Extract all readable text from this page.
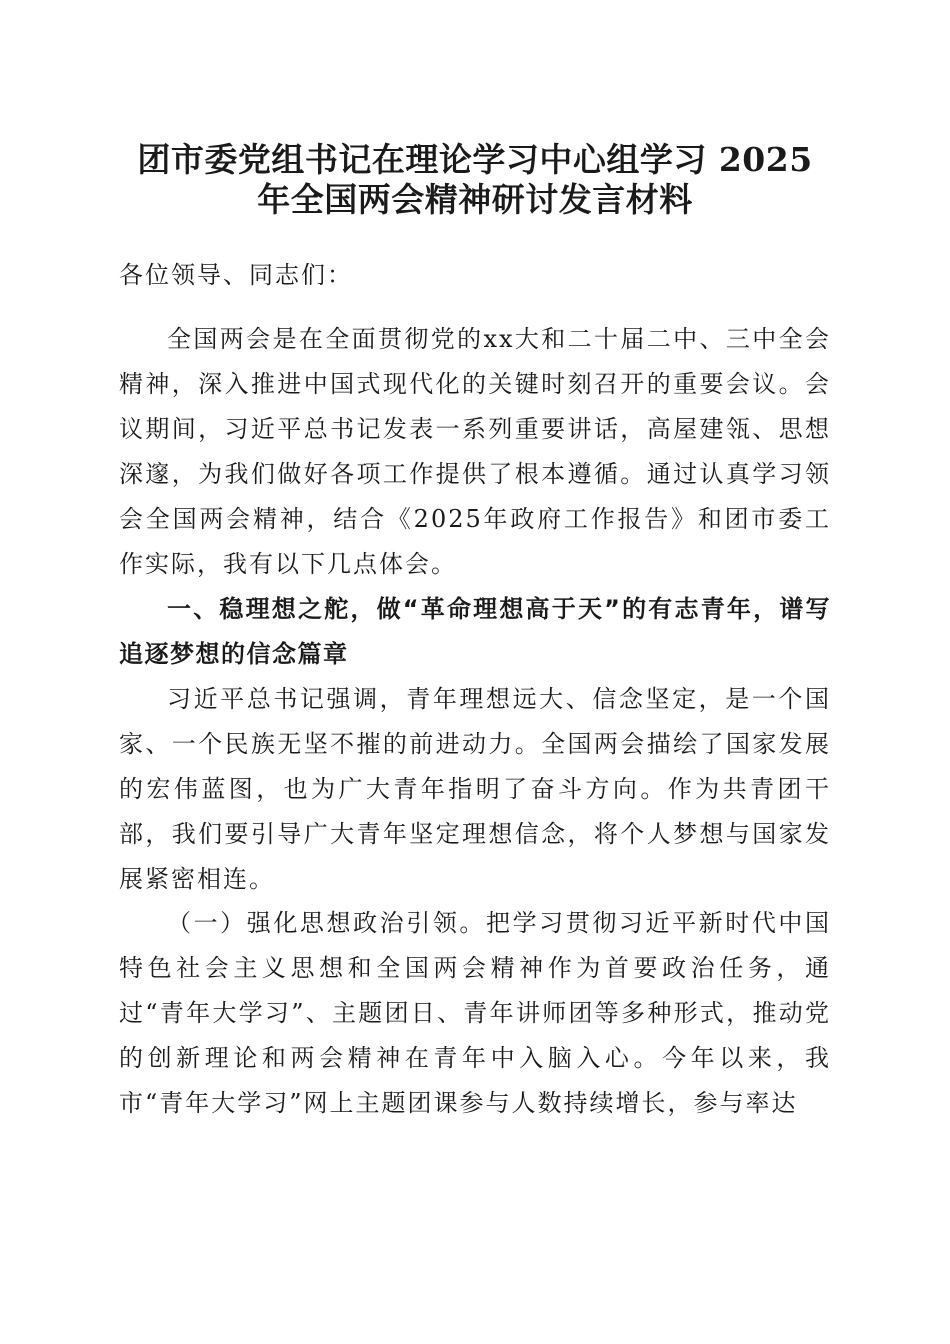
团市委党组书记在理论学习中心组学习 2025
年全国两会精神研讨发言材料

各位领导、同志们：

全国两会是在全面贯彻党的xx大和二十届二中、三中全会精神，深入推进中国式现代化的关键时刻召开的重要会议。会议期间，习近平总书记发表一系列重要讲话，高屋建瓴、思想深邃，为我们做好各项工作提供了根本遵循。通过认真学习领会全国两会精神，结合《2025年政府工作报告》和团市委工作实际，我有以下几点体会。

一、稳理想之舵，做“革命理想高于天”的有志青年，谱写追逐梦想的信念篇章

习近平总书记强调，青年理想远大、信念坚定，是一个国家、一个民族无坚不摧的前进动力。全国两会描绘了国家发展的宏伟蓝图，也为广大青年指明了奋斗方向。作为共青团干部，我们要引导广大青年坚定理想信念，将个人梦想与国家发展紧密相连。

（一）强化思想政治引领。把学习贯彻习近平新时代中国特色社会主义思想和全国两会精神作为首要政治任务，通过“青年大学习”、主题团日、青年讲师团等多种形式，推动党的创新理论和两会精神在青年中入脑入心。今年以来，我市“青年大学习”网上主题团课参与人数持续增长，参与率达
